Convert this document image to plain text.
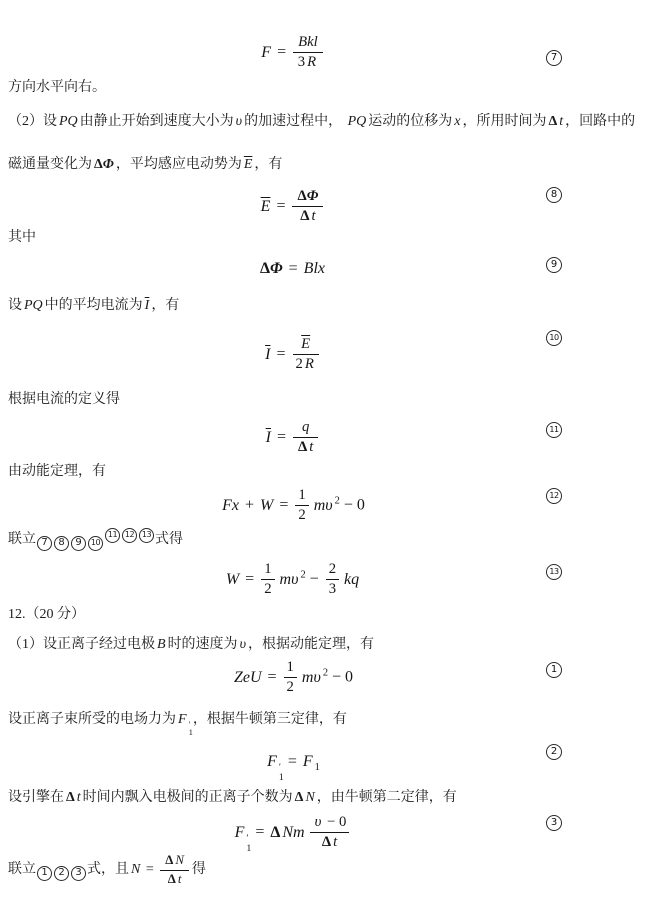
$F = \frac{\text{Bkl}}{3 R}$	7
方向水平向右。
（2）设 PQ 由静止开始到速度大小为 υ 的加速过程中， PQ 运动的位移为 x ，所用时间为 Δ t ，回路中的
磁通量变化为 ΔΦ ，平均感应电动势为 $\overline{E}$ ，有
$\overline{E} = \frac{\Delta\Phi}{\text{Δ t}}$	8
其中
ΔΦ = Blx	9
设 PQ 中的平均电流为 $\overline{I}$ ，有
$\overline{I} = \frac{\overline{E}}{2 R}$	10
根据电流的定义得
$\overline{I} = \frac{q}{\text{Δ t}}$	11
由动能定理，有
$Fx + W = \frac{1}{2}$ mυ $^2$ − 0
12
联立 7 8 9 1011 12 13 式得
$W = \frac{1}{2}$ mυ $^2 - \frac{2}{3}$ kq	13
12.（20 分）
（1）设正离子经过电极 B 时的速度为 υ ，根据动能定理，有
ZeU = $\frac{1}{2}$ mυ $^2$ − 0	1
设正离子束所受的电场力为 F ′
1
，根据牛顿第三定律，有
F ′
1
= F $_1$
2
设引擎在 Δ t 时间内飘入电极间的正离子个数为 Δ N ，由牛顿第二定律，有
F ′
1
= Δ Nm $\frac{\upsilon - 0}{\text{Δ t}}$	3
联立 1 2 3 式，且 $N = \frac{\text{Δ N}}{\text{Δ t}}$ 得
